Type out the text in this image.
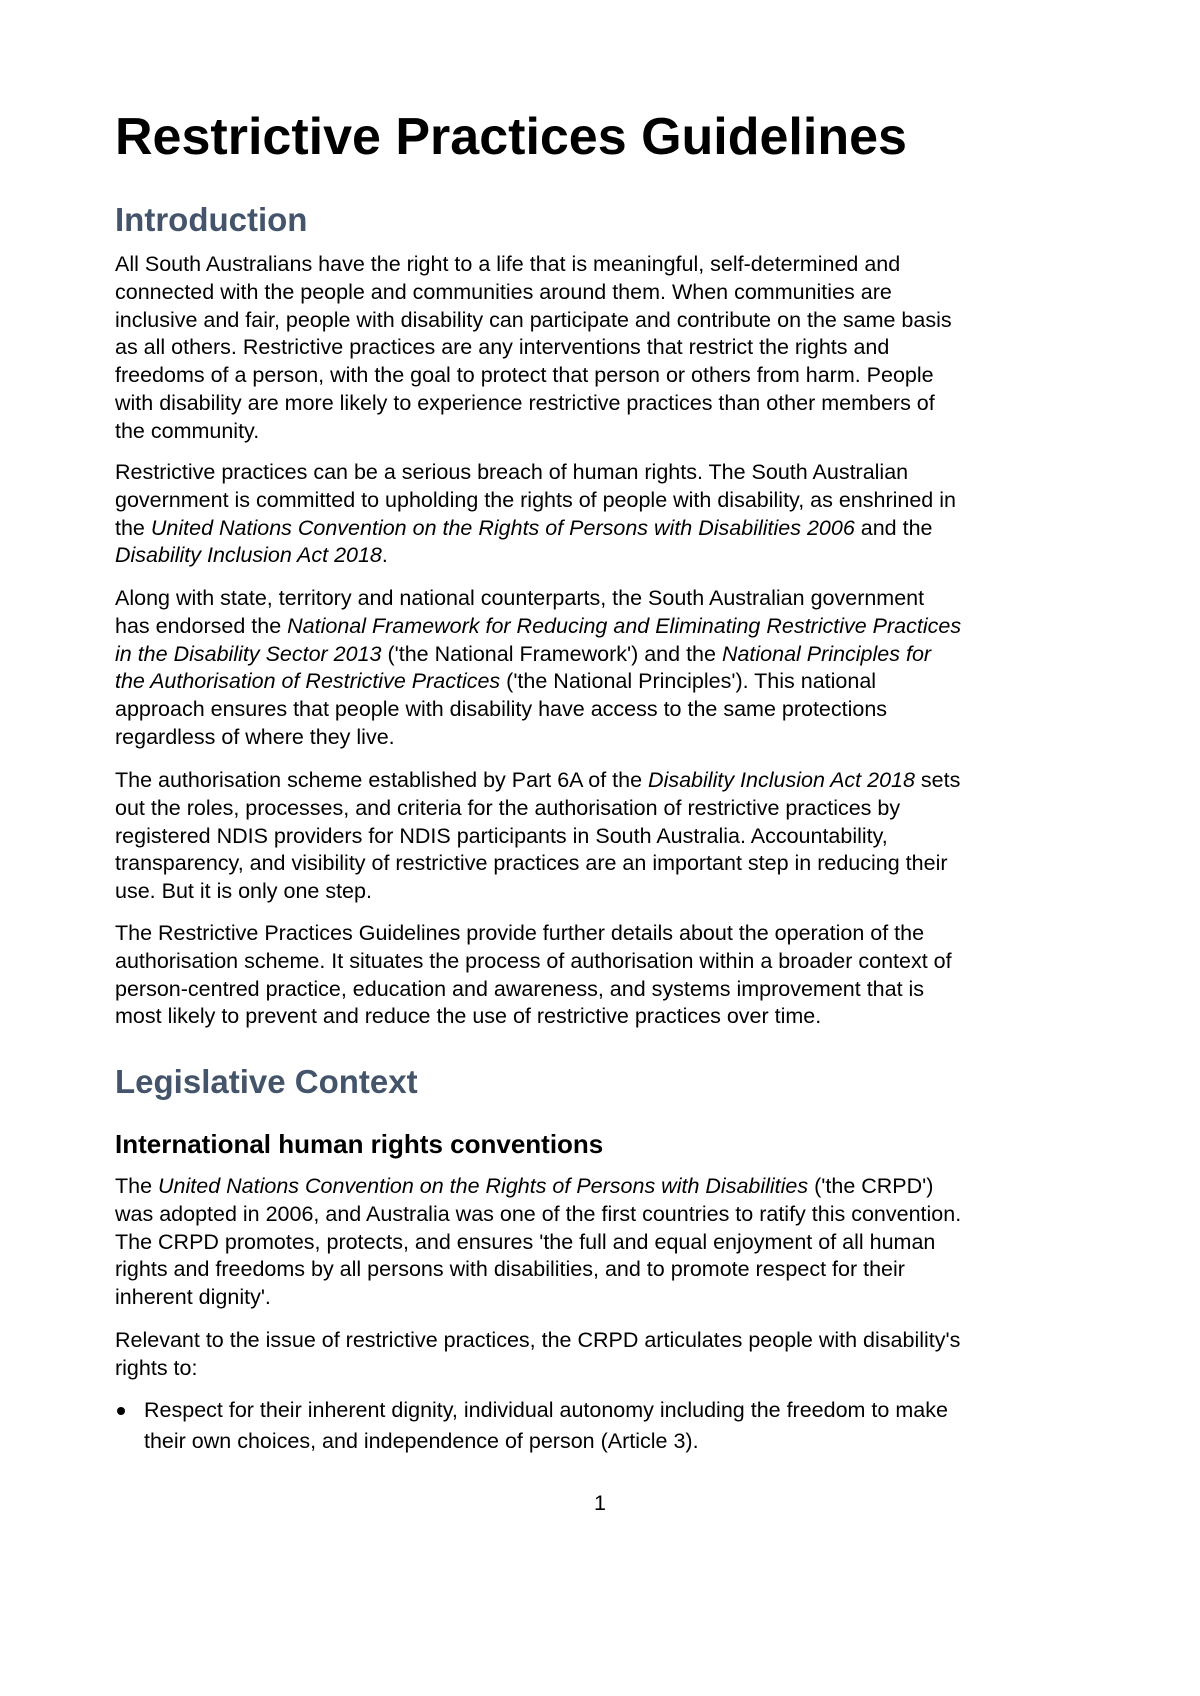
Restrictive Practices Guidelines
Introduction
All South Australians have the right to a life that is meaningful, self-determined and
connected with the people and communities around them. When communities are
inclusive and fair, people with disability can participate and contribute on the same basis
as all others. Restrictive practices are any interventions that restrict the rights and
freedoms of a person, with the goal to protect that person or others from harm. People
with disability are more likely to experience restrictive practices than other members of
the community.
Restrictive practices can be a serious breach of human rights. The South Australian
government is committed to upholding the rights of people with disability, as enshrined in
the United Nations Convention on the Rights of Persons with Disabilities 2006 and the
Disability Inclusion Act 2018.
Along with state, territory and national counterparts, the South Australian government
has endorsed the National Framework for Reducing and Eliminating Restrictive Practices
in the Disability Sector 2013 ('the National Framework') and the National Principles for
the Authorisation of Restrictive Practices ('the National Principles'). This national
approach ensures that people with disability have access to the same protections
regardless of where they live.
The authorisation scheme established by Part 6A of the Disability Inclusion Act 2018 sets
out the roles, processes, and criteria for the authorisation of restrictive practices by
registered NDIS providers for NDIS participants in South Australia. Accountability,
transparency, and visibility of restrictive practices are an important step in reducing their
use. But it is only one step.
The Restrictive Practices Guidelines provide further details about the operation of the
authorisation scheme. It situates the process of authorisation within a broader context of
person-centred practice, education and awareness, and systems improvement that is
most likely to prevent and reduce the use of restrictive practices over time.
Legislative Context
International human rights conventions
The United Nations Convention on the Rights of Persons with Disabilities ('the CRPD')
was adopted in 2006, and Australia was one of the first countries to ratify this convention.
The CRPD promotes, protects, and ensures 'the full and equal enjoyment of all human
rights and freedoms by all persons with disabilities, and to promote respect for their
inherent dignity'.
Relevant to the issue of restrictive practices, the CRPD articulates people with disability's
rights to:
Respect for their inherent dignity, individual autonomy including the freedom to make
their own choices, and independence of person (Article 3).
1
